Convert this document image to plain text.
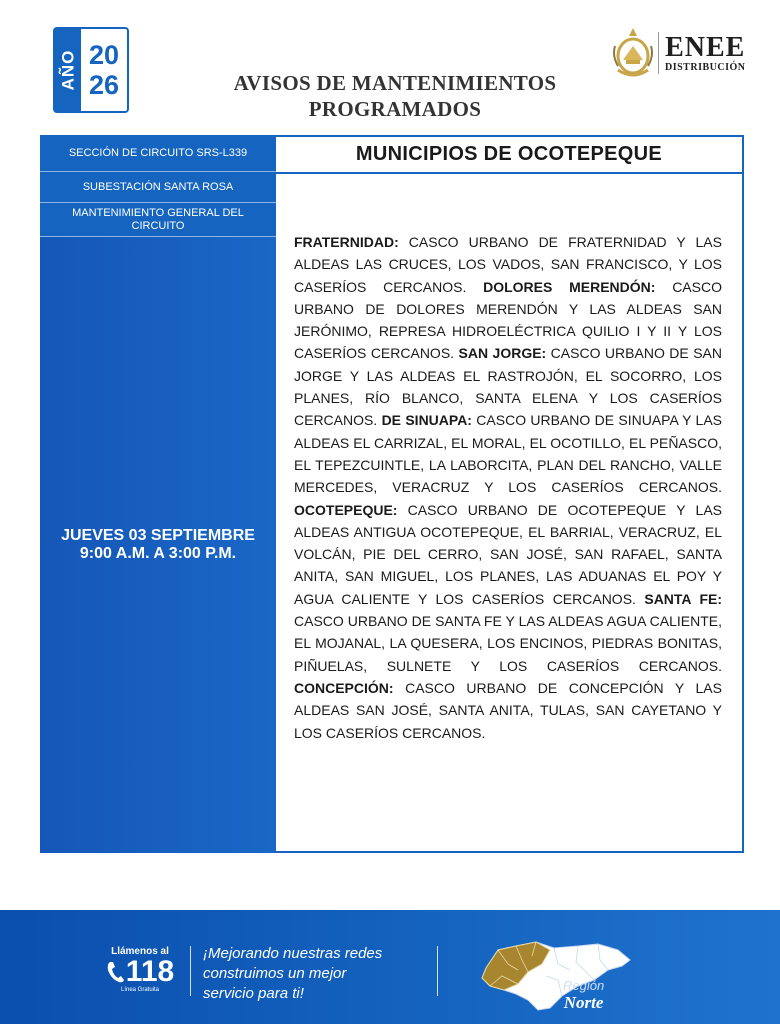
AÑO 20
26	AVISOS DE MANTENIMIENTOS
PROGRAMADOS
ENEE
DISTRIBUCIÓN
SECCIÓN DE CIRCUITO SRS-L339
SUBESTACIÓN SANTA ROSA
MANTENIMIENTO GENERAL DEL CIRCUITO
JUEVES 03 SEPTIEMBRE
9:00 A.M. A 3:00 P.M.
MUNICIPIOS DE OCOTEPEQUE
FRATERNIDAD: CASCO URBANO DE FRATERNIDAD Y LAS ALDEAS LAS CRUCES, LOS VADOS, SAN FRANCISCO, Y LOS CASERÍOS CERCANOS. DOLORES MERENDÓN: CASCO URBANO DE DOLORES MERENDÓN Y LAS ALDEAS SAN JERÓNIMO, REPRESA HIDROELÉCTRICA QUILIO I Y II Y LOS CASERÍOS CERCANOS. SAN JORGE: CASCO URBANO DE SAN JORGE Y LAS ALDEAS EL RASTROJÓN, EL SOCORRO, LOS PLANES, RÍO BLANCO, SANTA ELENA Y LOS CASERÍOS CERCANOS. DE SINUAPA: CASCO URBANO DE SINUAPA Y LAS ALDEAS EL CARRIZAL, EL MORAL, EL OCOTILLO, EL PEÑASCO, EL TEPEZCUINTLE, LA LABORCITA, PLAN DEL RANCHO, VALLE MERCEDES, VERACRUZ Y LOS CASERÍOS CERCANOS. OCOTEPEQUE: CASCO URBANO DE OCOTEPEQUE Y LAS ALDEAS ANTIGUA OCOTEPEQUE, EL BARRIAL, VERACRUZ, EL VOLCÁN, PIE DEL CERRO, SAN JOSÉ, SAN RAFAEL, SANTA ANITA, SAN MIGUEL, LOS PLANES, LAS ADUANAS EL POY Y AGUA CALIENTE Y LOS CASERÍOS CERCANOS. SANTA FE: CASCO URBANO DE SANTA FE Y LAS ALDEAS AGUA CALIENTE, EL MOJANAL, LA QUESERA, LOS ENCINOS, PIEDRAS BONITAS, PIÑUELAS, SULNETE Y LOS CASERÍOS CERCANOS. CONCEPCIÓN: CASCO URBANO DE CONCEPCIÓN Y LAS ALDEAS SAN JOSÉ, SANTA ANITA, TULAS, SAN CAYETANO Y LOS CASERÍOS CERCANOS.
Llámenos al
118
Línea Gratuita
¡Mejorando nuestras redes
construimos un mejor
servicio para ti!	Región
Norte
